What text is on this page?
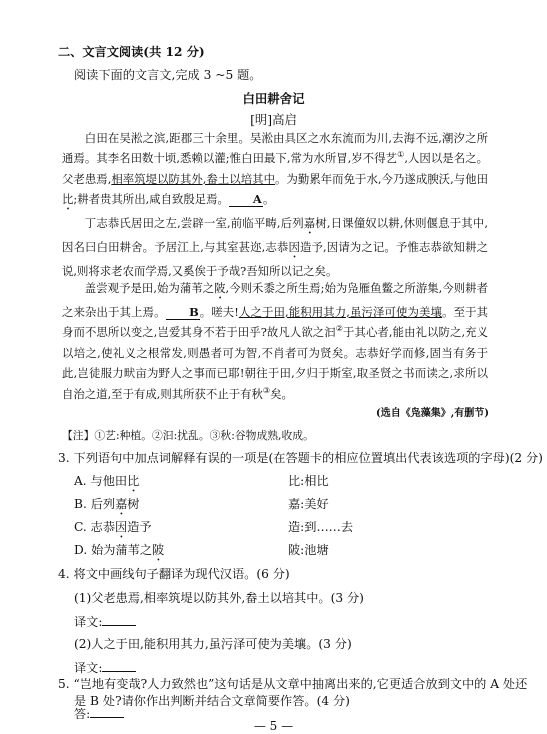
二、文言文阅读(共 12 分)
阅读下面的文言文,完成 3 ~5 题。
白田耕舍记
[明]高启

白田在吴淞之滨,距郡三十余里。吴淞由具区之水东流而为川,去海不远,潮汐之所通焉。其李名田数十顷,悉赖以灌;惟白田最下,常为水所冒,岁不得艺①,人因以是名之。父老患焉,相率筑堤以防其外,畚土以培其中。为勤累年而免于水,今乃遂成腴沃,与他田比;耕者贵其所出,咸自致殷足焉。 A。

丁志恭氏居田之左,尝辟一室,前临平畴,后列嘉树,日课僮奴以耕,休则偃息于其中,因名曰白田耕舍。予居江上,与其室甚迩,志恭因造予,因请为之记。予惟志恭欲知耕之说,则将求老农而学焉,又奚俟于予哉?吾知所以记之矣。

盖尝观予是田,始为蒲苇之陂,今则禾黍之所生焉;始为凫雁鱼鳖之所游集,今则耕者之来杂出于其上焉。 B。嗟夫!人之于田,能积用其力,虽污泽可使为美壤。至于其身而不思所以变之,岂爱其身不若于田乎?故凡人欲之汩②于其心者,能由礼以防之,充义以培之,使礼义之根常发,则愚者可为智,不肖者可为贤矣。志恭好学而修,固当有务于此,岂徒服力畎亩为野人之事而已耶!朝往于田,夕归于斯室,取圣贤之书而读之,求所以自治之道,至于有成,则其所获不止于有秋③矣。

(选自《凫藻集》,有删节)
【注】①艺:种植。②汩:扰乱。③秋:谷物成熟,收成。
3. 下列语句中加点词解释有误的一项是(在答题卡的相应位置填出代表该选项的字母)(2 分)
A. 与他田比	比:相比
B. 后列嘉树	嘉:美好
C. 志恭因造予	造:到……去
D. 始为蒲苇之陂	陂:池塘
4. 将文中画线句子翻译为现代汉语。(6 分)
(1)父老患焉,相率筑堤以防其外,畚土以培其中。(3 分)
译文:
(2)人之于田,能积用其力,虽污泽可使为美壤。(3 分)
译文:
5. “岂地有变哉?人力致然也”这句话是从文章中抽离出来的,它更适合放到文中的 A 处还
是 B 处?请你作出判断并结合文章简要作答。(4 分)
答:
— 5 —
